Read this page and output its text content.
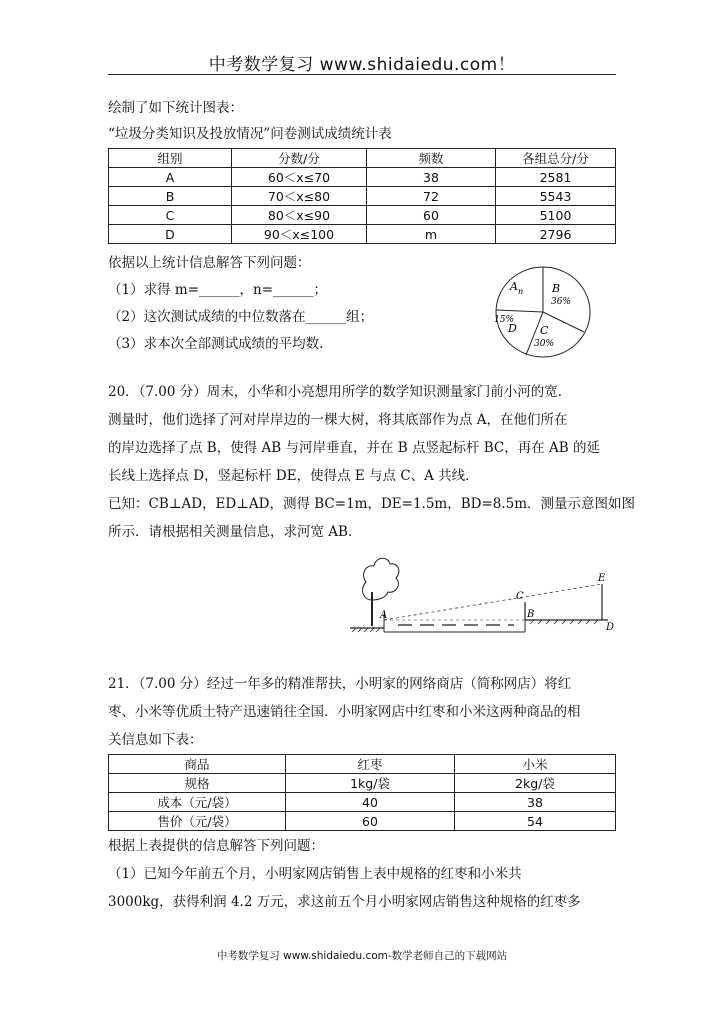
中考数学复习 www.shidaiedu.com！
绘制了如下统计图表：
“垃圾分类知识及投放情况”问卷测试成绩统计表
组别	分数/分	频数	各组总分/分
A	60＜x≤70	38	2581
B	70＜x≤80	72	5543
C	80＜x≤90	60	5100
D	90＜x≤100	m	2796
依据以上统计信息解答下列问题：
（1）求得 m=______，n=______；
（2）这次测试成绩的中位数落在______组；
（3）求本次全部测试成绩的平均数.
A n	B
36%
15%
D C
30%
20．（7.00 分）周末，小华和小亮想用所学的数学知识测量家门前小河的宽．
测量时，他们选择了河对岸岸边的一棵大树，将其底部作为点 A，在他们所在
的岸边选择了点 B，使得 AB 与河岸垂直，并在 B 点竖起标杆 BC，再在 AB 的延
长线上选择点 D，竖起标杆 DE，使得点 E 与点 C、A 共线．
已知：CB⊥AD，ED⊥AD，测得 BC=1m，DE=1.5m，BD=8.5m．测量示意图如图
所示．请根据相关测量信息，求河宽 AB．
A	B
C
D
E
21．（7.00 分）经过一年多的精准帮扶，小明家的网络商店（简称网店）将红
枣、小米等优质土特产迅速销往全国．小明家网店中红枣和小米这两种商品的相
关信息如下表：
商品	红枣	小米
规格	1kg/袋	2kg/袋
成本（元/袋）	40	38
售价（元/袋）	60	54
根据上表提供的信息解答下列问题：
（1）已知今年前五个月，小明家网店销售上表中规格的红枣和小米共
3000kg，获得利润 4.2 万元，求这前五个月小明家网店销售这种规格的红枣多
中考数学复习 www.shidaiedu.com-数学老师自己的下载网站
